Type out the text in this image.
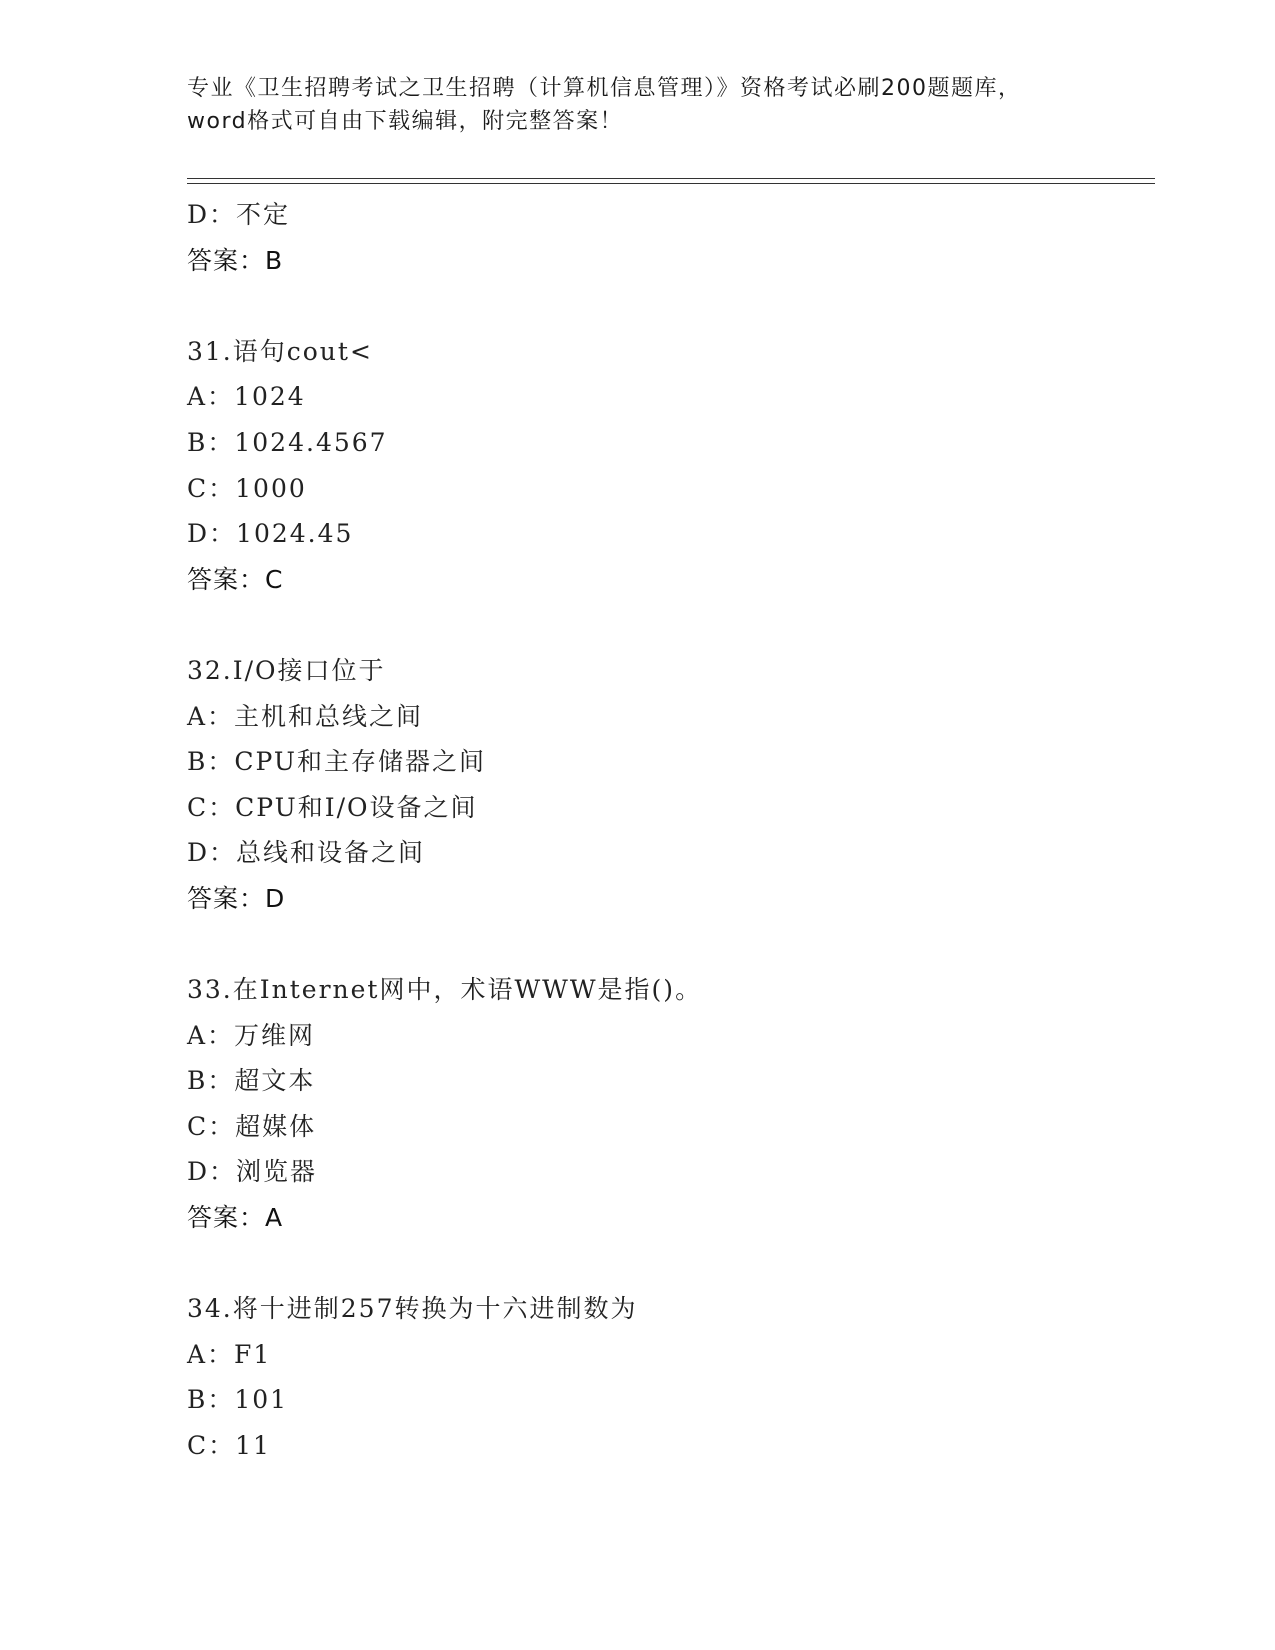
专业《卫生招聘考试之卫生招聘（计算机信息管理）》资格考试必刷200题题库，
word格式可自由下载编辑，附完整答案！
D：不定
答案：B
31.语句cout<
A：1024
B：1024.4567
C：1000
D：1024.45
答案：C
32.I/O接口位于
A：主机和总线之间
B：CPU和主存储器之间
C：CPU和I/O设备之间
D：总线和设备之间
答案：D
33.在Internet网中，术语WWW是指()。
A：万维网
B：超文本
C：超媒体
D：浏览器
答案：A
34.将十进制257转换为十六进制数为
A：F1
B：101
C：11
